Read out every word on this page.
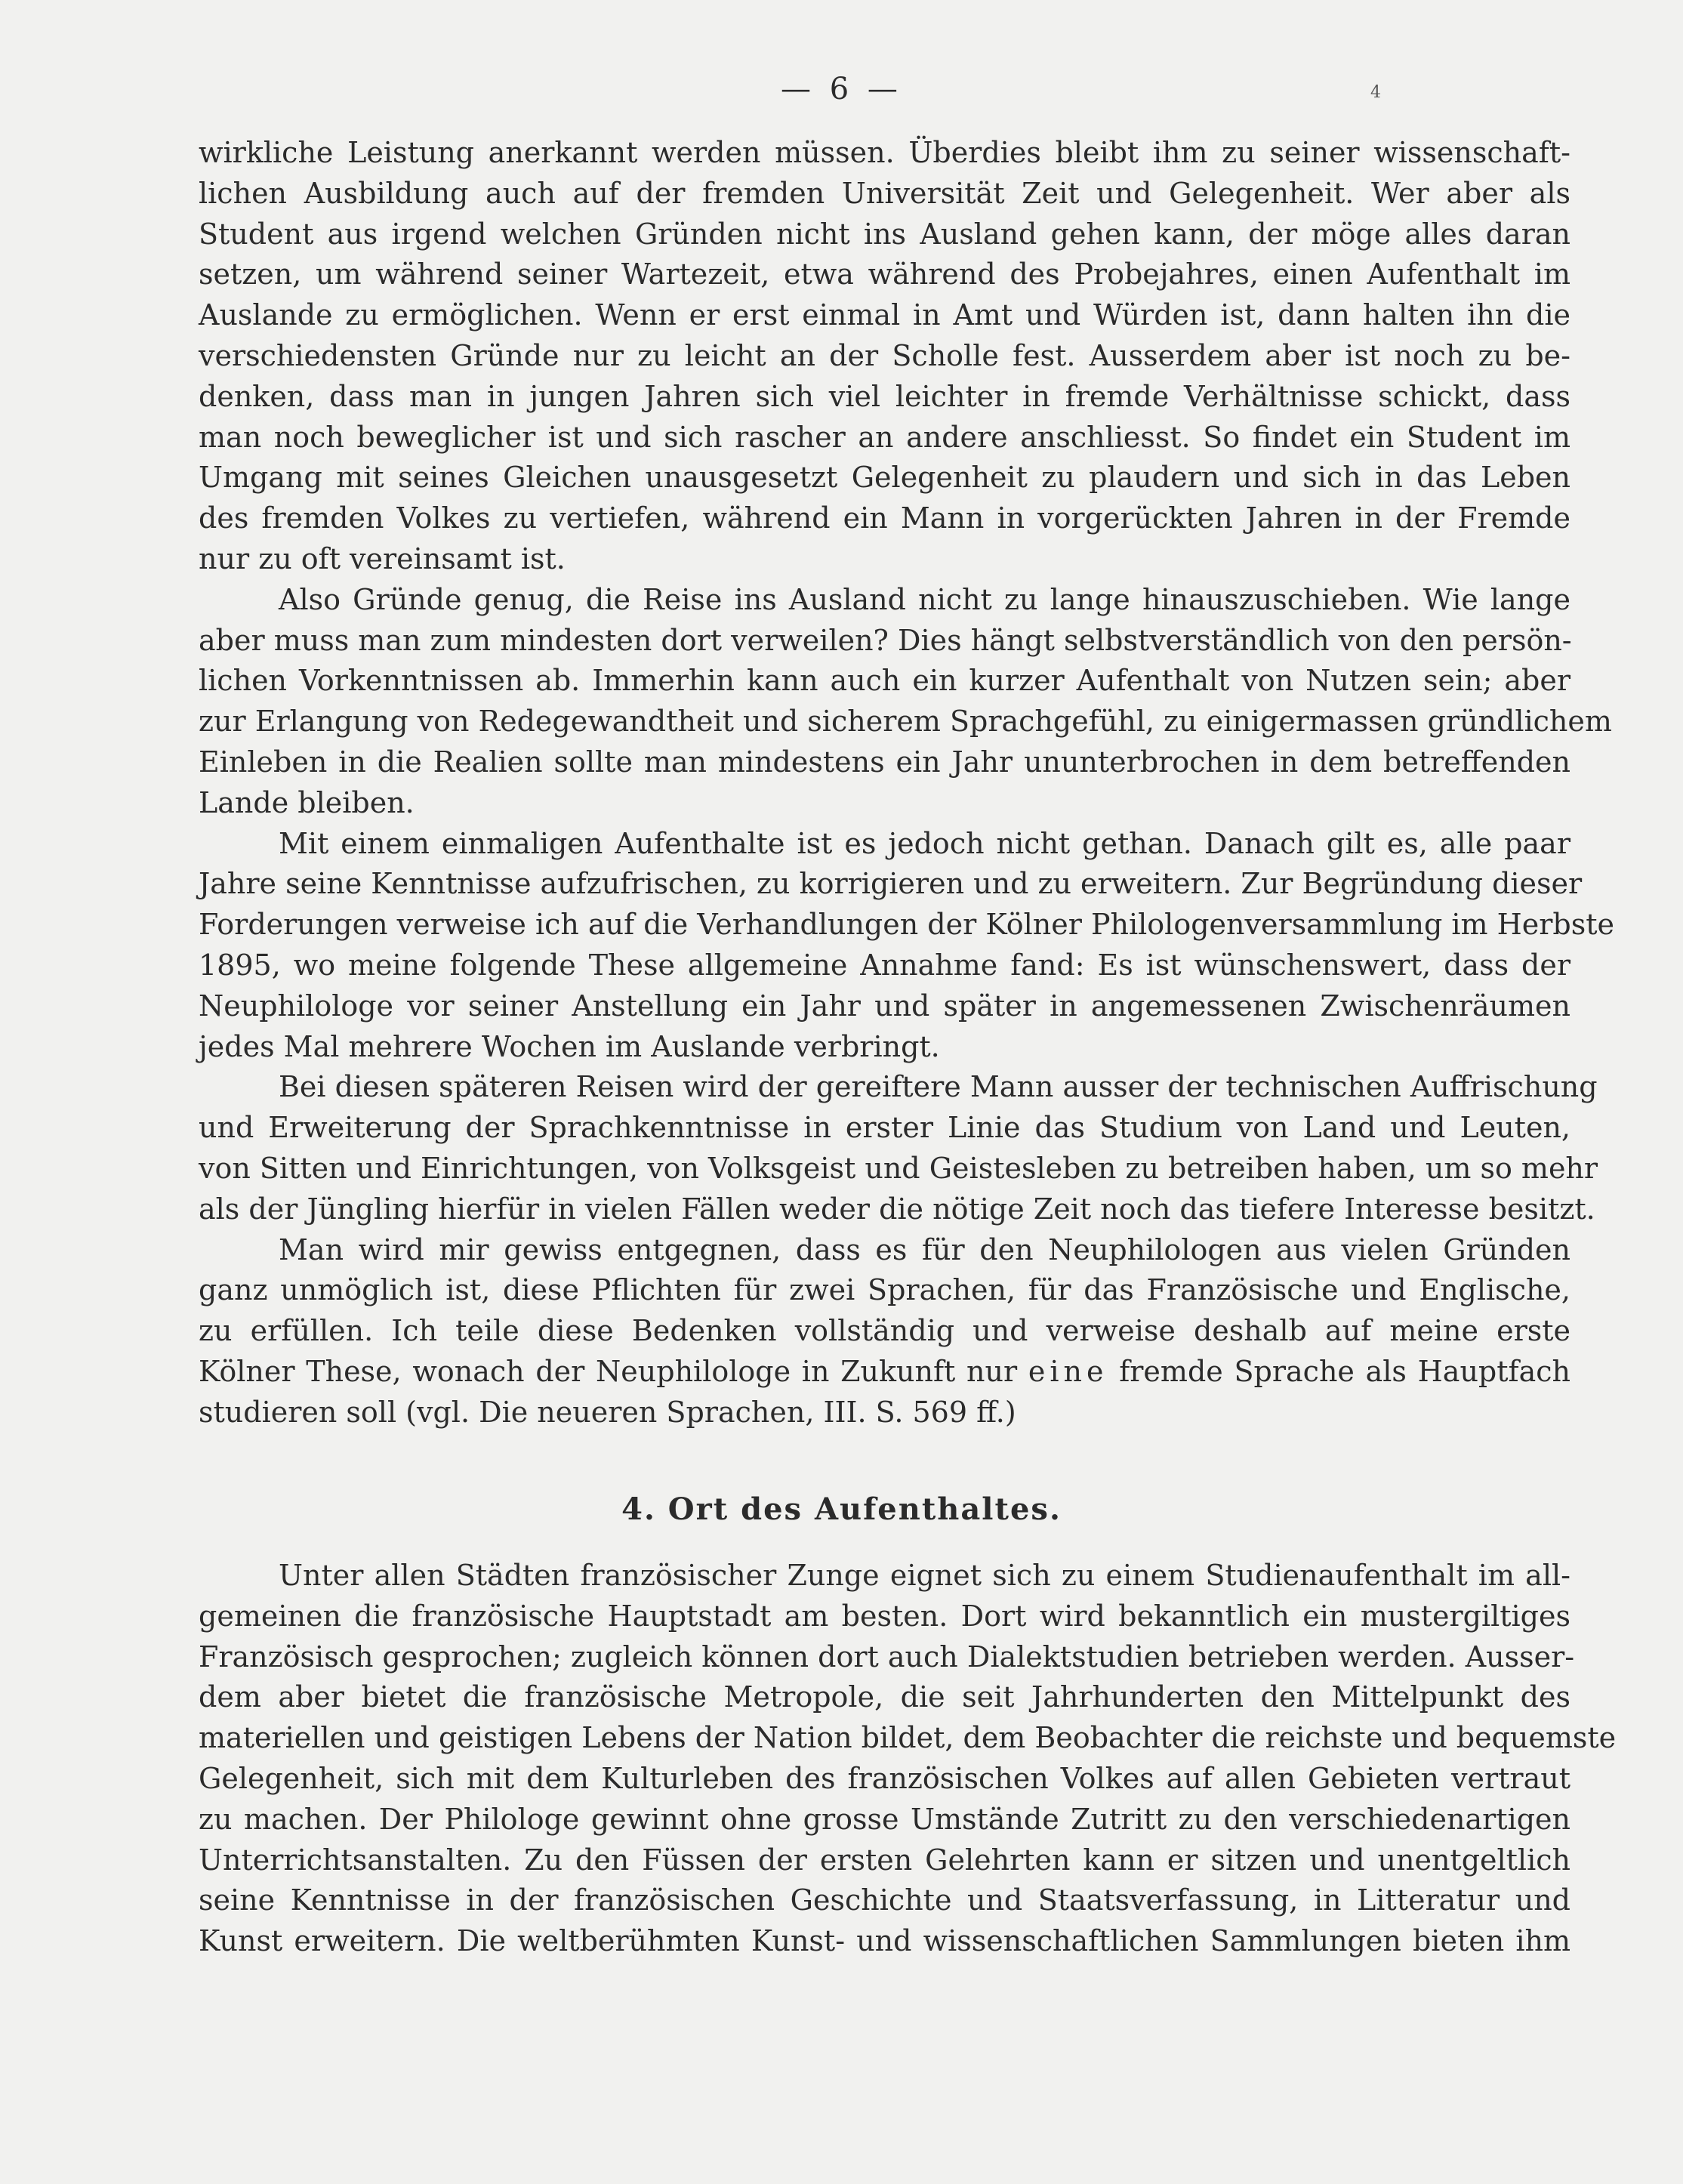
— 6 —	4
wirkliche Leistung anerkannt werden müssen. Überdies bleibt ihm zu seiner wissenschaft-
lichen Ausbildung auch auf der fremden Universität Zeit und Gelegenheit. Wer aber als
Student aus irgend welchen Gründen nicht ins Ausland gehen kann, der möge alles daran
setzen, um während seiner Wartezeit, etwa während des Probejahres, einen Aufenthalt im
Auslande zu ermöglichen. Wenn er erst einmal in Amt und Würden ist, dann halten ihn die
verschiedensten Gründe nur zu leicht an der Scholle fest. Ausserdem aber ist noch zu be-
denken, dass man in jungen Jahren sich viel leichter in fremde Verhältnisse schickt, dass
man noch beweglicher ist und sich rascher an andere anschliesst. So findet ein Student im
Umgang mit seines Gleichen unausgesetzt Gelegenheit zu plaudern und sich in das Leben
des fremden Volkes zu vertiefen, während ein Mann in vorgerückten Jahren in der Fremde
nur zu oft vereinsamt ist.
Also Gründe genug, die Reise ins Ausland nicht zu lange hinauszuschieben. Wie lange
aber muss man zum mindesten dort verweilen? Dies hängt selbstverständlich von den persön-
lichen Vorkenntnissen ab. Immerhin kann auch ein kurzer Aufenthalt von Nutzen sein; aber
zur Erlangung von Redegewandtheit und sicherem Sprachgefühl, zu einigermassen gründlichem
Einleben in die Realien sollte man mindestens ein Jahr ununterbrochen in dem betreffenden
Lande bleiben.
Mit einem einmaligen Aufenthalte ist es jedoch nicht gethan. Danach gilt es, alle paar
Jahre seine Kenntnisse aufzufrischen, zu korrigieren und zu erweitern. Zur Begründung dieser
Forderungen verweise ich auf die Verhandlungen der Kölner Philologenversammlung im Herbste
1895, wo meine folgende These allgemeine Annahme fand: Es ist wünschenswert, dass der
Neuphilologe vor seiner Anstellung ein Jahr und später in angemessenen Zwischenräumen
jedes Mal mehrere Wochen im Auslande verbringt.
Bei diesen späteren Reisen wird der gereiftere Mann ausser der technischen Auffrischung
und Erweiterung der Sprachkenntnisse in erster Linie das Studium von Land und Leuten,
von Sitten und Einrichtungen, von Volksgeist und Geistesleben zu betreiben haben, um so mehr
als der Jüngling hierfür in vielen Fällen weder die nötige Zeit noch das tiefere Interesse besitzt.
Man wird mir gewiss entgegnen, dass es für den Neuphilologen aus vielen Gründen
ganz unmöglich ist, diese Pflichten für zwei Sprachen, für das Französische und Englische,
zu erfüllen. Ich teile diese Bedenken vollständig und verweise deshalb auf meine erste
Kölner These, wonach der Neuphilologe in Zukunft nur eine fremde Sprache als Hauptfach
studieren soll (vgl. Die neueren Sprachen, III. S. 569 ff.)
4. Ort des Aufenthaltes.
Unter allen Städten französischer Zunge eignet sich zu einem Studienaufenthalt im all-
gemeinen die französische Hauptstadt am besten. Dort wird bekanntlich ein mustergiltiges
Französisch gesprochen; zugleich können dort auch Dialektstudien betrieben werden. Ausser-
dem aber bietet die französische Metropole, die seit Jahrhunderten den Mittelpunkt des
materiellen und geistigen Lebens der Nation bildet, dem Beobachter die reichste und bequemste
Gelegenheit, sich mit dem Kulturleben des französischen Volkes auf allen Gebieten vertraut
zu machen. Der Philologe gewinnt ohne grosse Umstände Zutritt zu den verschiedenartigen
Unterrichtsanstalten. Zu den Füssen der ersten Gelehrten kann er sitzen und unentgeltlich
seine Kenntnisse in der französischen Geschichte und Staatsverfassung, in Litteratur und
Kunst erweitern. Die weltberühmten Kunst- und wissenschaftlichen Sammlungen bieten ihm
